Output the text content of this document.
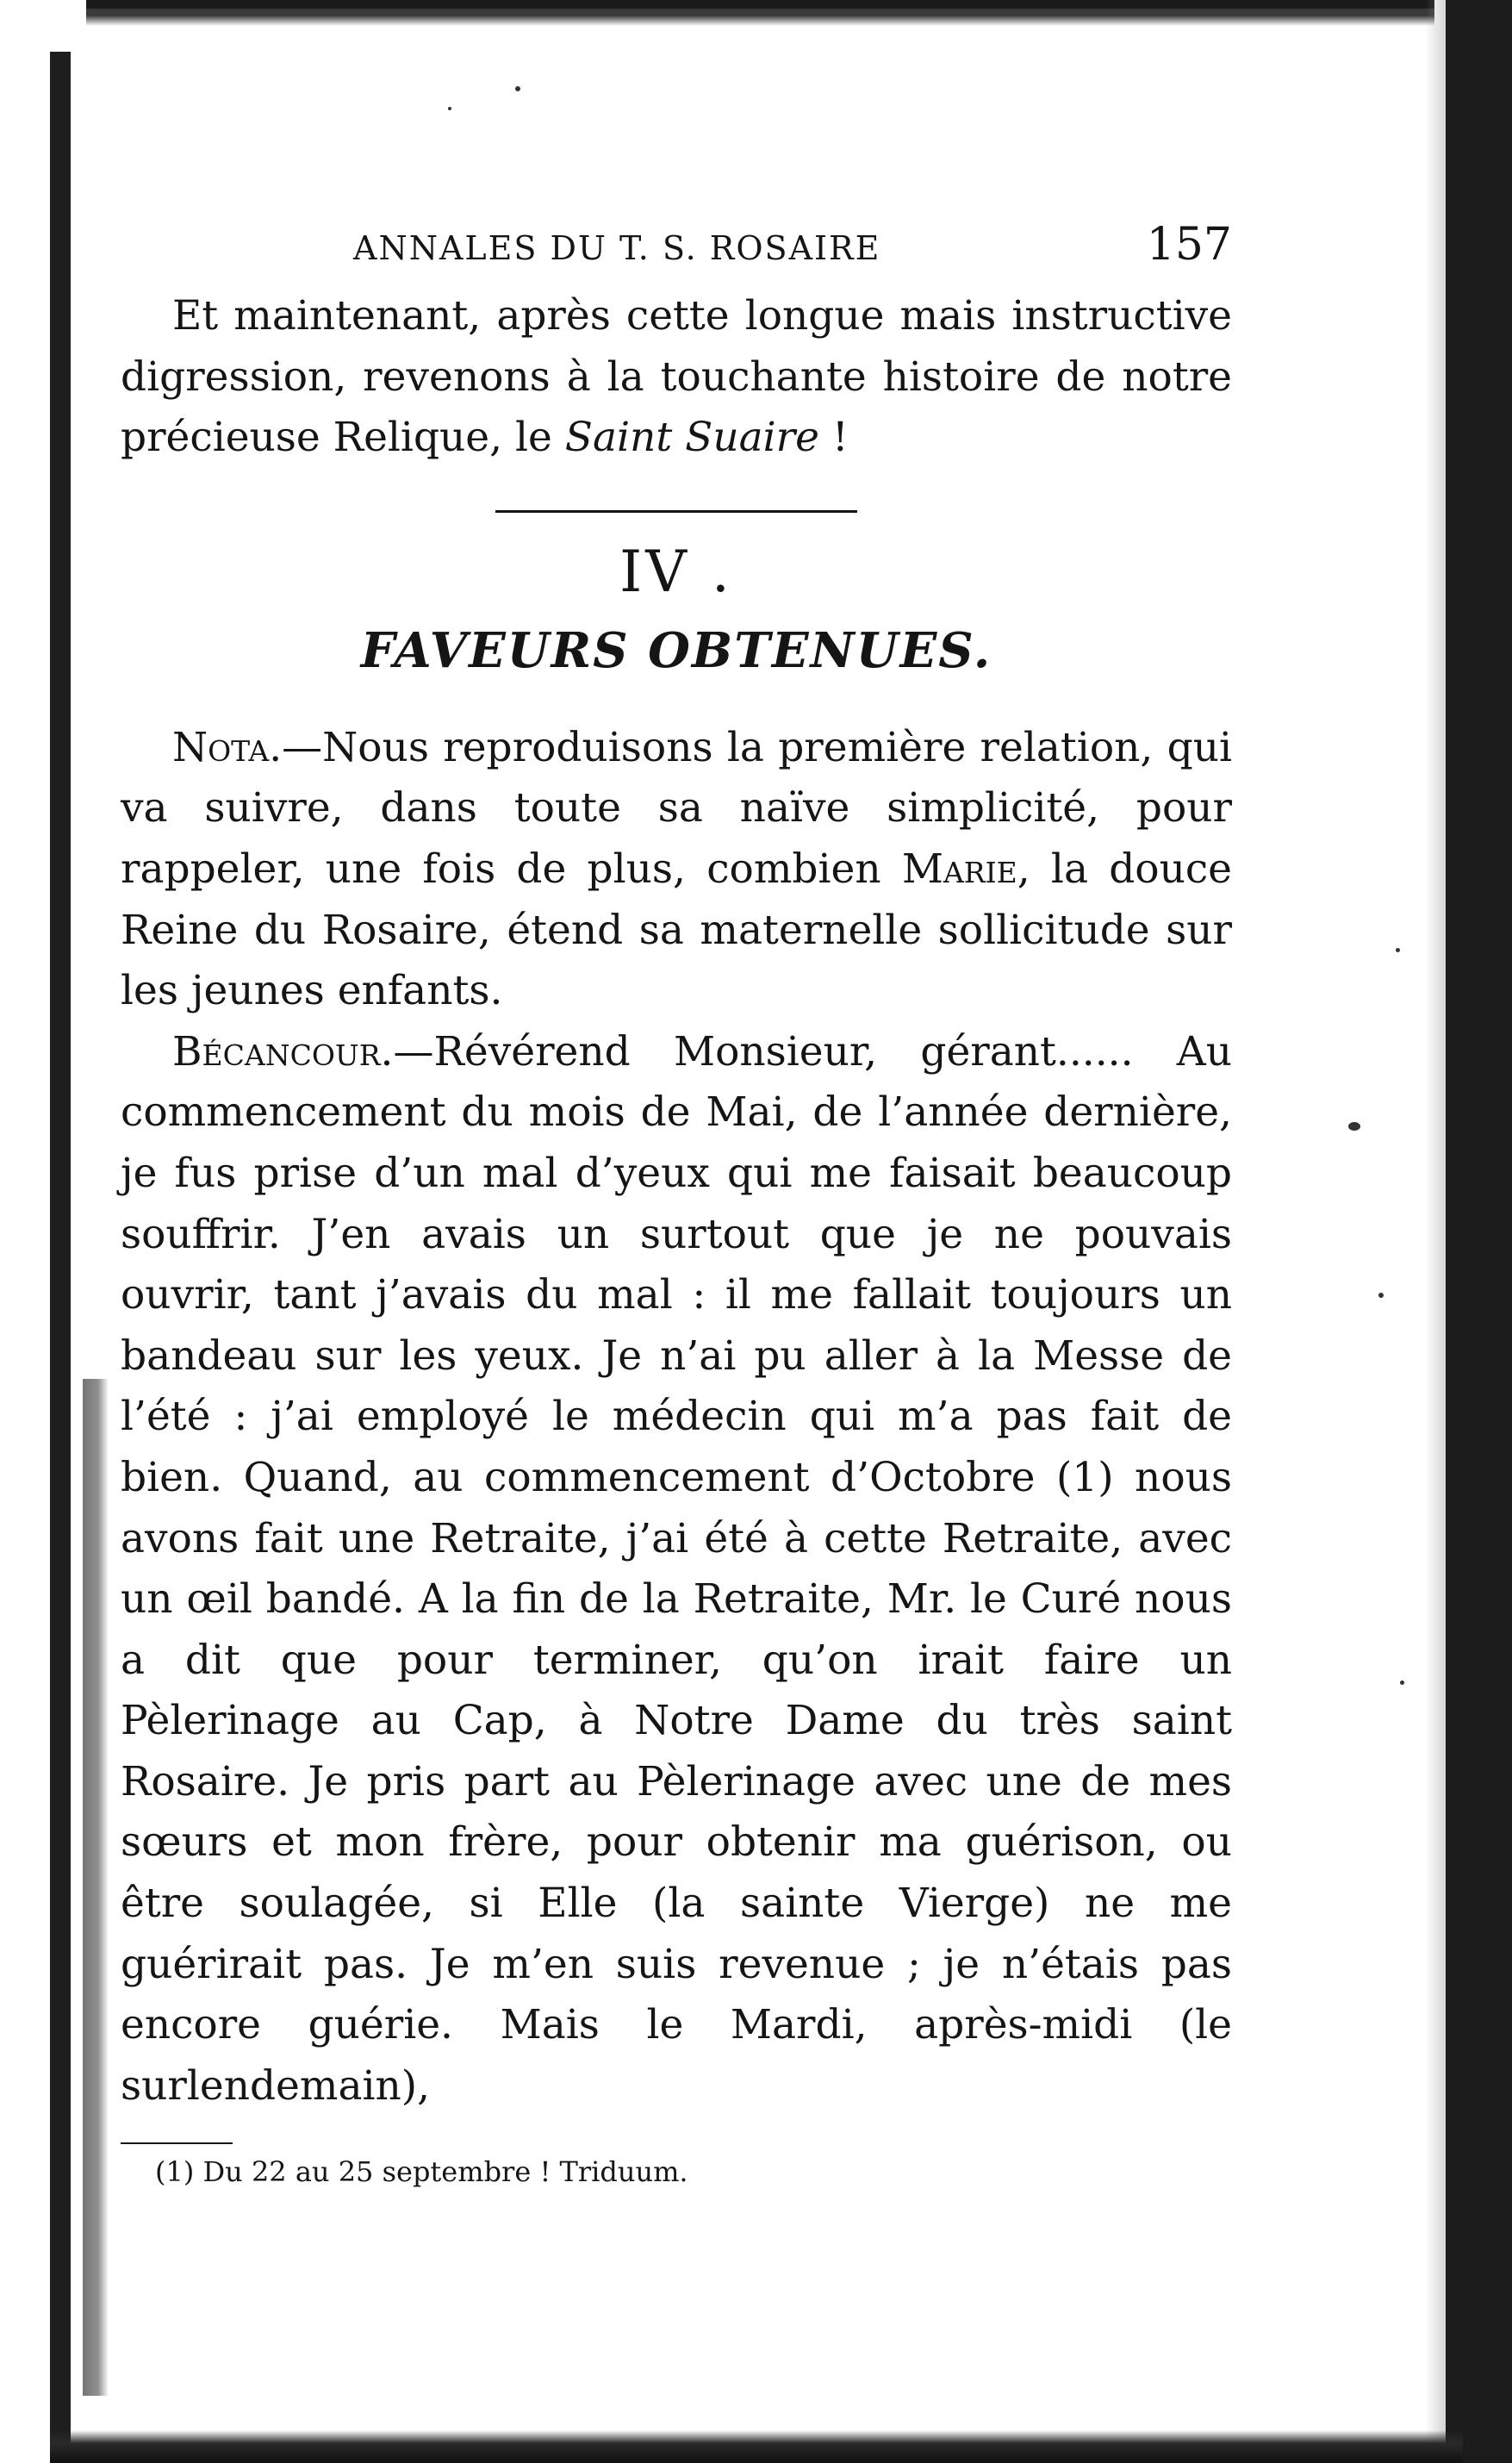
ANNALES DU T. S. ROSAIRE	157

Et maintenant, après cette longue mais instructive digression, revenons à la touchante histoire de notre précieuse Relique, le Saint Suaire !

IV .
FAVEURS OBTENUES.

Nota.—Nous reproduisons la première relation, qui va suivre, dans toute sa naïve simplicité, pour rappeler, une fois de plus, combien Marie, la douce Reine du Rosaire, étend sa maternelle sollicitude sur les jeunes enfants.

Bécancour.—Révérend Monsieur, gérant...... Au commencement du mois de Mai, de l’année dernière, je fus prise d’un mal d’yeux qui me faisait beaucoup souffrir. J’en avais un surtout que je ne pouvais ouvrir, tant j’avais du mal : il me fallait toujours un bandeau sur les yeux. Je n’ai pu aller à la Messe de l’été : j’ai employé le médecin qui m’a pas fait de bien. Quand, au commencement d’Octobre (1) nous avons fait une Retraite, j’ai été à cette Retraite, avec un œil bandé. A la fin de la Retraite, Mr. le Curé nous a dit que pour terminer, qu’on irait faire un Pèlerinage au Cap, à Notre Dame du très saint Rosaire. Je pris part au Pèlerinage avec une de mes sœurs et mon frère, pour obtenir ma guérison, ou être soulagée, si Elle (la sainte Vierge) ne me guérirait pas. Je m’en suis revenue ; je n’étais pas encore guérie. Mais le Mardi, après-midi (le surlendemain),

(1) Du 22 au 25 septembre ! Triduum.
